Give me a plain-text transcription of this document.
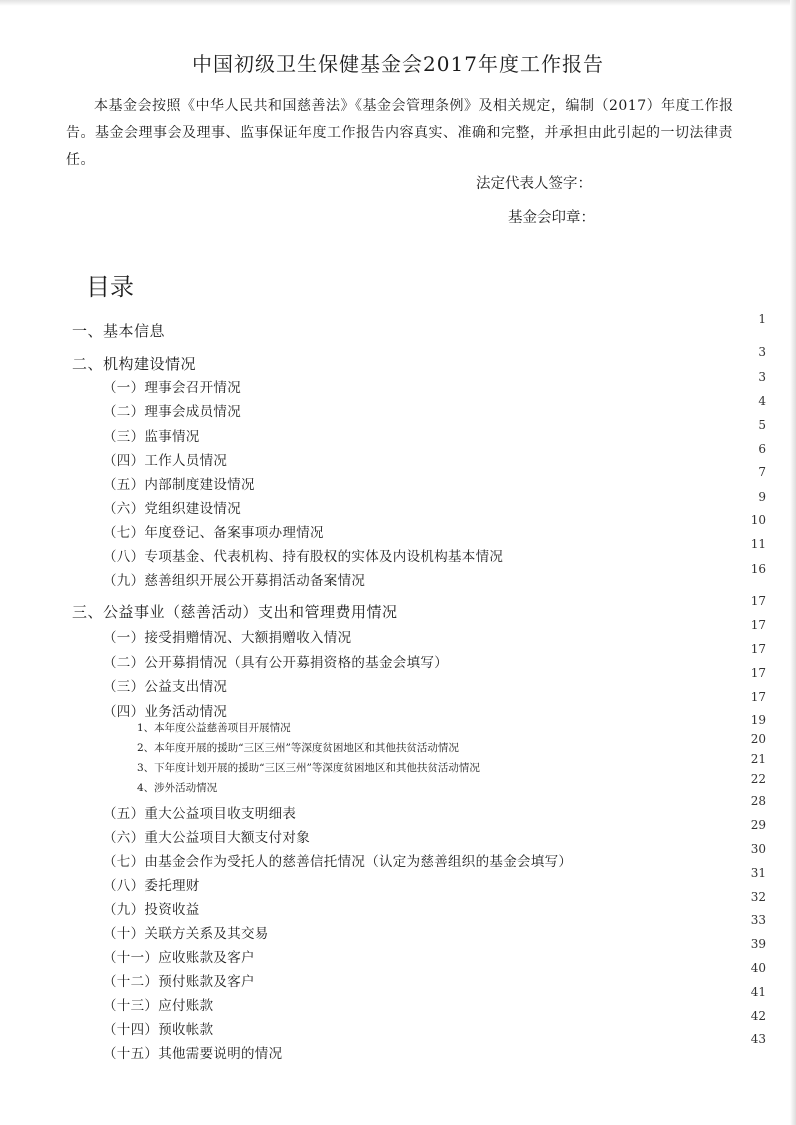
中国初级卫生保健基金会2017年度工作报告

本基金会按照《中华人民共和国慈善法》《基金会管理条例》及相关规定，编制（2017）年度工作报告。基金会理事会及理事、监事保证年度工作报告内容真实、准确和完整，并承担由此引起的一切法律责任。

法定代表人签字：
基金会印章：
目录
一、基本信息
二、机构建设情况
（一）理事会召开情况
（二）理事会成员情况
（三）监事情况
（四）工作人员情况
（五）内部制度建设情况
（六）党组织建设情况
（七）年度登记、备案事项办理情况
（八）专项基金、代表机构、持有股权的实体及内设机构基本情况
（九）慈善组织开展公开募捐活动备案情况
三、公益事业（慈善活动）支出和管理费用情况
（一）接受捐赠情况、大额捐赠收入情况
（二）公开募捐情况（具有公开募捐资格的基金会填写）
（三）公益支出情况
（四）业务活动情况
1、本年度公益慈善项目开展情况
2、本年度开展的援助“三区三州”等深度贫困地区和其他扶贫活动情况
3、下年度计划开展的援助“三区三州”等深度贫困地区和其他扶贫活动情况
4、涉外活动情况
（五）重大公益项目收支明细表
（六）重大公益项目大额支付对象
（七）由基金会作为受托人的慈善信托情况（认定为慈善组织的基金会填写）
（八）委托理财
（九）投资收益
（十）关联方关系及其交易
（十一）应收账款及客户
（十二）预付账款及客户
（十三）应付账款
（十四）预收帐款
（十五）其他需要说明的情况
1
3
3
4
5
6
7
9
10
11
16
17
17
17
17
17
19
20
21
22
28
29
30
31
32
33
39
40
41
42
43
